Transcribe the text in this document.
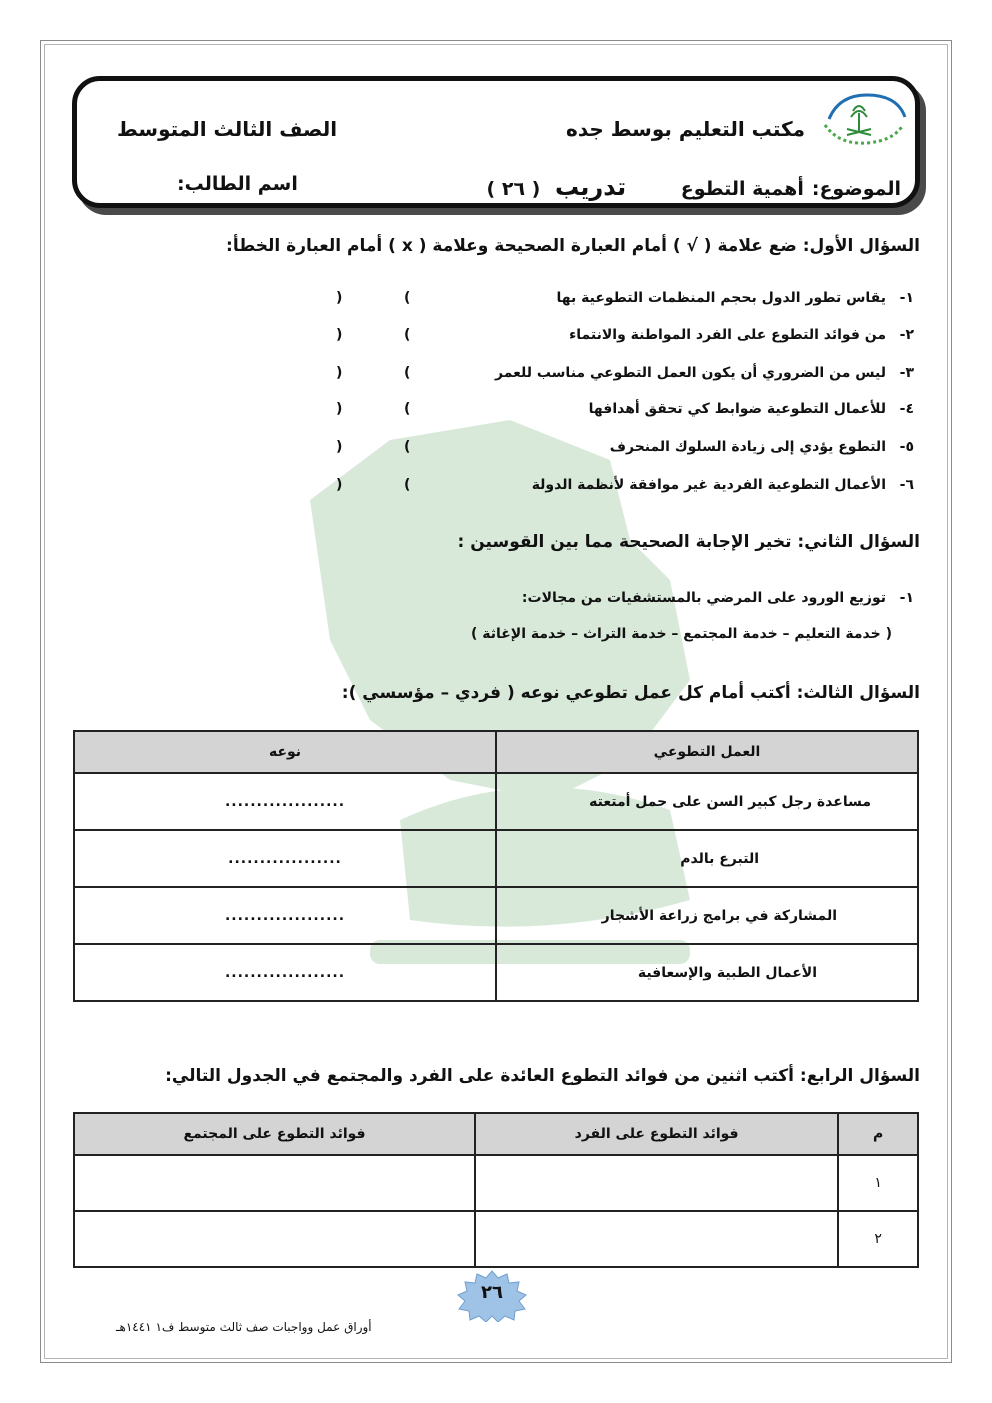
مكتب التعليم بوسط جده
الصف الثالث المتوسط
الموضوع:أهمية التطوع تدريب ( ٢٦ )
اسم الطالب:
السؤال الأول: ضع علامة ( √ ) أمام العبارة الصحيحة وعلامة ( x ) أمام العبارة الخطأ:
١-يقاس تطور الدول بحجم المنظمات التطوعية بها
)	(
٢-من فوائد التطوع على الفرد المواطنة والانتماء
)	(
٣-ليس من الضروري أن يكون العمل التطوعي مناسب للعمر
)	(
٤-للأعمال التطوعية ضوابط كي تحقق أهدافها
)	(
٥-التطوع يؤدي إلى زيادة السلوك المنحرف
)	(
٦-الأعمال التطوعية الفردية غير موافقة لأنظمة الدولة
)	(
السؤال الثاني: تخير الإجابة الصحيحة مما بين القوسين :
١-توزيع الورود على المرضي بالمستشفيات من مجالات:
( خدمة التعليم – خدمة المجتمع – خدمة التراث – خدمة الإغاثة )
السؤال الثالث: أكتب أمام كل عمل تطوعي نوعه ( فردي – مؤسسي ):
العمل التطوعي	نوعه
مساعدة رجل كبير السن على حمل أمتعته	...................
التبرع بالدم	..................
المشاركة في برامج زراعة الأشجار	...................
الأعمال الطبية والإسعافية	...................
السؤال الرابع: أكتب اثنين من فوائد التطوع العائدة على الفرد والمجتمع في الجدول التالي:
م	فوائد التطوع على الفرد	فوائد التطوع على المجتمع
١		
٢		
٢٦
أوراق عمل وواجبات صف ثالث متوسط ف١ ١٤٤١هـ
